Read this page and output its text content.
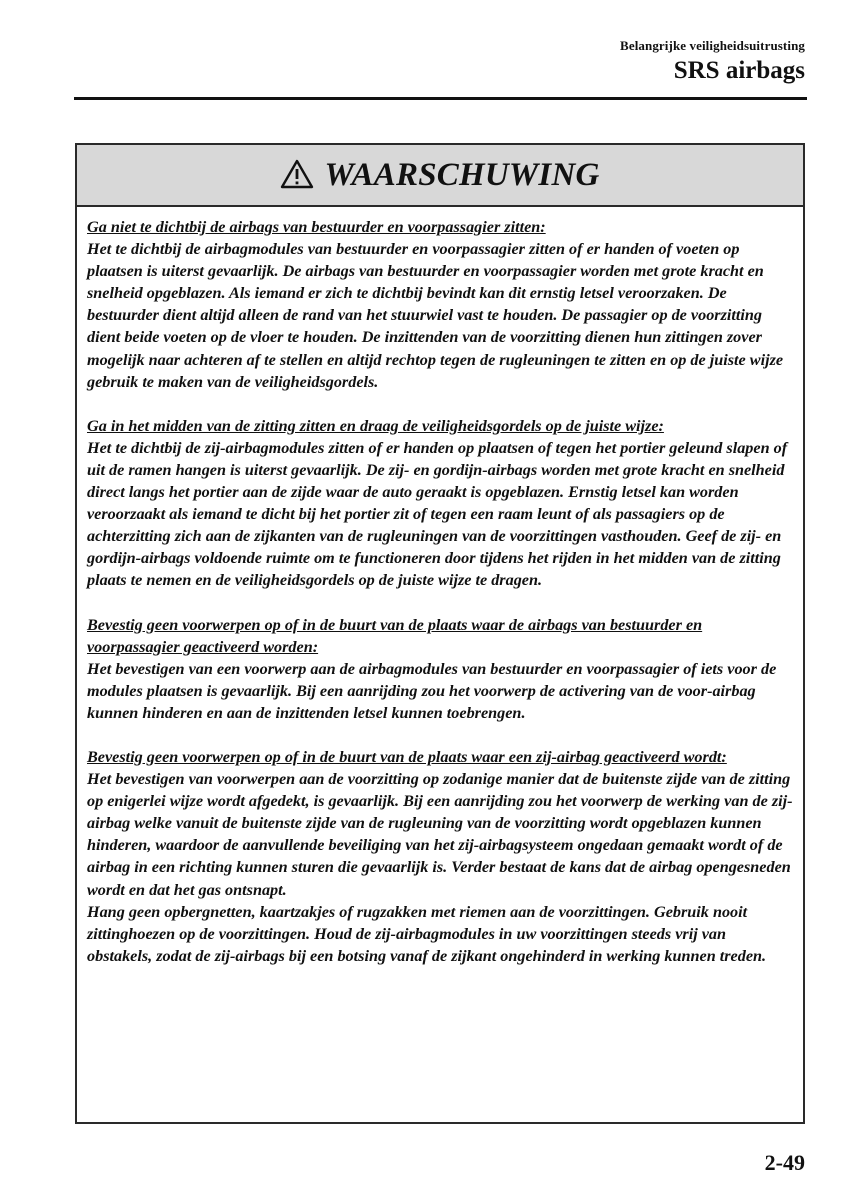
Belangrijke veiligheidsuitrusting
SRS airbags
WAARSCHUWING
Ga niet te dichtbij de airbags van bestuurder en voorpassagier zitten:
Het te dichtbij de airbagmodules van bestuurder en voorpassagier zitten of er handen of voeten op plaatsen is uiterst gevaarlijk. De airbags van bestuurder en voorpassagier worden met grote kracht en snelheid opgeblazen. Als iemand er zich te dichtbij bevindt kan dit ernstig letsel veroorzaken. De bestuurder dient altijd alleen de rand van het stuurwiel vast te houden. De passagier op de voorzitting dient beide voeten op de vloer te houden. De inzittenden van de voorzitting dienen hun zittingen zover mogelijk naar achteren af te stellen en altijd rechtop tegen de rugleuningen te zitten en op de juiste wijze gebruik te maken van de veiligheidsgordels.
Ga in het midden van de zitting zitten en draag de veiligheidsgordels op de juiste wijze:
Het te dichtbij de zij-airbagmodules zitten of er handen op plaatsen of tegen het portier geleund slapen of uit de ramen hangen is uiterst gevaarlijk. De zij- en gordijn-airbags worden met grote kracht en snelheid direct langs het portier aan de zijde waar de auto geraakt is opgeblazen. Ernstig letsel kan worden veroorzaakt als iemand te dicht bij het portier zit of tegen een raam leunt of als passagiers op de achterzitting zich aan de zijkanten van de rugleuningen van de voorzittingen vasthouden. Geef de zij- en gordijn-airbags voldoende ruimte om te functioneren door tijdens het rijden in het midden van de zitting plaats te nemen en de veiligheidsgordels op de juiste wijze te dragen.
Bevestig geen voorwerpen op of in de buurt van de plaats waar de airbags van bestuurder en voorpassagier geactiveerd worden:
Het bevestigen van een voorwerp aan de airbagmodules van bestuurder en voorpassagier of iets voor de modules plaatsen is gevaarlijk. Bij een aanrijding zou het voorwerp de activering van de voor-airbag kunnen hinderen en aan de inzittenden letsel kunnen toebrengen.
Bevestig geen voorwerpen op of in de buurt van de plaats waar een zij-airbag geactiveerd wordt:
Het bevestigen van voorwerpen aan de voorzitting op zodanige manier dat de buitenste zijde van de zitting op enigerlei wijze wordt afgedekt, is gevaarlijk. Bij een aanrijding zou het voorwerp de werking van de zij-airbag welke vanuit de buitenste zijde van de rugleuning van de voorzitting wordt opgeblazen kunnen hinderen, waardoor de aanvullende beveiliging van het zij-airbagsysteem ongedaan gemaakt wordt of de airbag in een richting kunnen sturen die gevaarlijk is. Verder bestaat de kans dat de airbag opengesneden wordt en dat het gas ontsnapt.
Hang geen opbergnetten, kaartzakjes of rugzakken met riemen aan de voorzittingen. Gebruik nooit zittinghoezen op de voorzittingen. Houd de zij-airbagmodules in uw voorzittingen steeds vrij van obstakels, zodat de zij-airbags bij een botsing vanaf de zijkant ongehinderd in werking kunnen treden.
2-49
